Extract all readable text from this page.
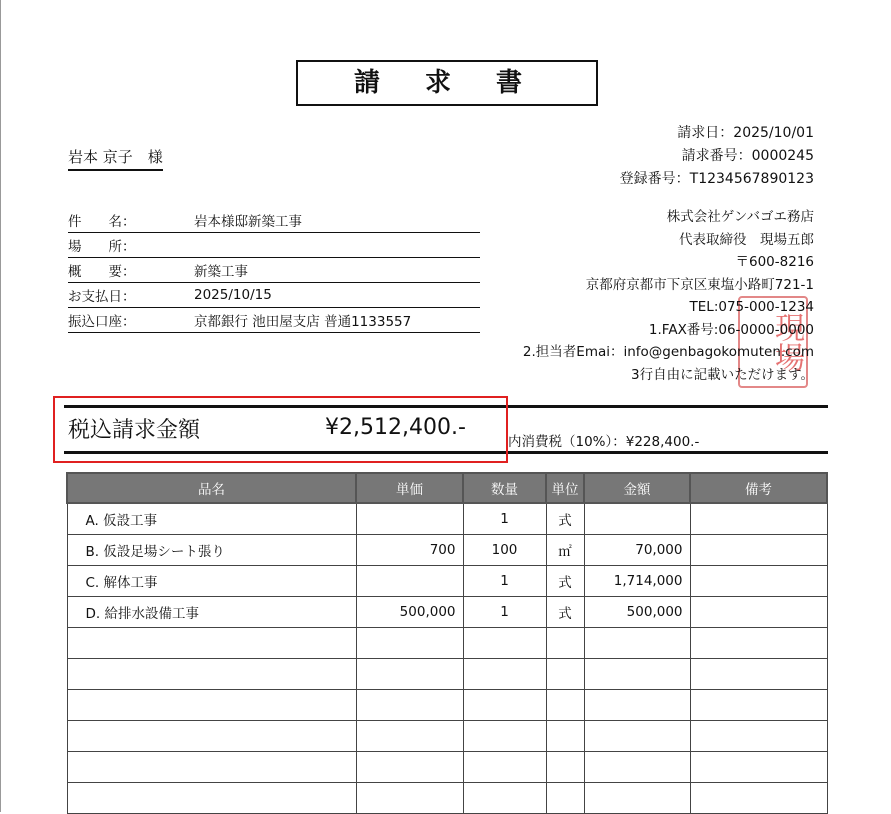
請 求 書
請求日：2025/10/01
請求番号：0000245
登録番号：T1234567890123
岩本 京子　様
件　　名：	岩本様邸新築工事
場　　所：
概　　要：	新築工事
お支払日：	2025/10/15
振込口座：	京都銀行 池田屋支店 普通1133557
株式会社ゲンバゴエ務店
代表取締役　現場五郎
〒600-8216
京都府京都市下京区東塩小路町721-1
TEL:075-000-1234
1.FAX番号:06-0000-0000
2.担当者Emai：info@genbagokomuten.com
3行自由に記載いただけます。
現場
税込請求金額	¥2,512,400.-
内消費税（10%）：¥228,400.-
品名	単価	数量	単位	金額	備考
A. 仮設工事		1	式		
B. 仮設足場シート張り	700	100	㎡	70,000	
C. 解体工事		1	式	1,714,000	
D. 給排水設備工事	500,000	1	式	500,000	
